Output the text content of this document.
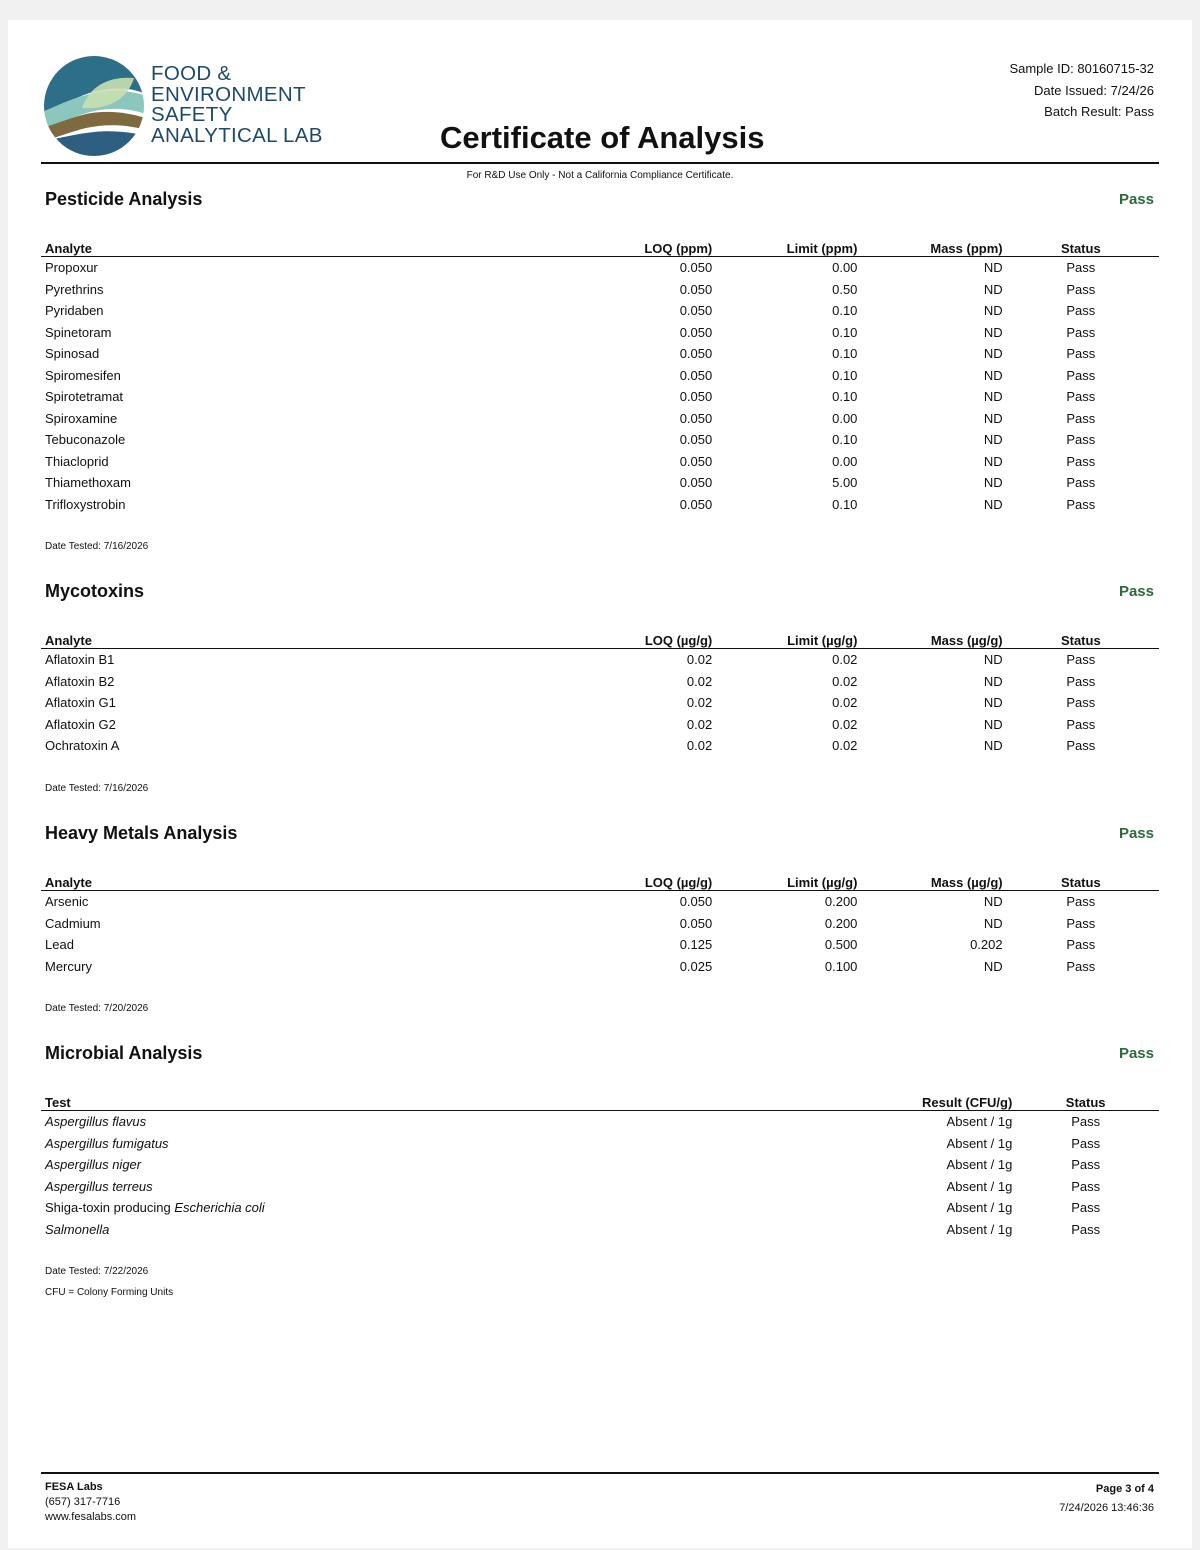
FOOD &
ENVIRONMENT
SAFETY
ANALYTICAL LAB	Certificate of Analysis
Sample ID: 80160715-32
Date Issued: 7/24/26
Batch Result: Pass
For R&D Use Only - Not a California Compliance Certificate.
Pesticide Analysis	Pass
Analyte		LOQ (ppm)	Limit (ppm)	Mass (ppm)	Status
Propoxur		0.050	0.00	ND	Pass
Pyrethrins		0.050	0.50	ND	Pass
Pyridaben		0.050	0.10	ND	Pass
Spinetoram		0.050	0.10	ND	Pass
Spinosad		0.050	0.10	ND	Pass
Spiromesifen		0.050	0.10	ND	Pass
Spirotetramat		0.050	0.10	ND	Pass
Spiroxamine		0.050	0.00	ND	Pass
Tebuconazole		0.050	0.10	ND	Pass
Thiacloprid		0.050	0.00	ND	Pass
Thiamethoxam		0.050	5.00	ND	Pass
Trifloxystrobin		0.050	0.10	ND	Pass
Date Tested: 7/16/2026
Mycotoxins	Pass
Analyte		LOQ (µg/g)	Limit (µg/g)	Mass (µg/g)	Status
Aflatoxin B1		0.02	0.02	ND	Pass
Aflatoxin B2		0.02	0.02	ND	Pass
Aflatoxin G1		0.02	0.02	ND	Pass
Aflatoxin G2		0.02	0.02	ND	Pass
Ochratoxin A		0.02	0.02	ND	Pass
Date Tested: 7/16/2026
Heavy Metals Analysis	Pass
Analyte		LOQ (µg/g)	Limit (µg/g)	Mass (µg/g)	Status
Arsenic		0.050	0.200	ND	Pass
Cadmium		0.050	0.200	ND	Pass
Lead		0.125	0.500	0.202	Pass
Mercury		0.025	0.100	ND	Pass
Date Tested: 7/20/2026
Microbial Analysis	Pass
Test	Result (CFU/g)	Status
Aspergillus flavus	Absent / 1g	Pass
Aspergillus fumigatus	Absent / 1g	Pass
Aspergillus niger	Absent / 1g	Pass
Aspergillus terreus	Absent / 1g	Pass
Shiga-toxin producing Escherichia coli	Absent / 1g	Pass
Salmonella	Absent / 1g	Pass
Date Tested: 7/22/2026
CFU = Colony Forming Units
FESA Labs
(657) 317-7716
www.fesalabs.com
Page 3 of 4
7/24/2026 13:46:36
